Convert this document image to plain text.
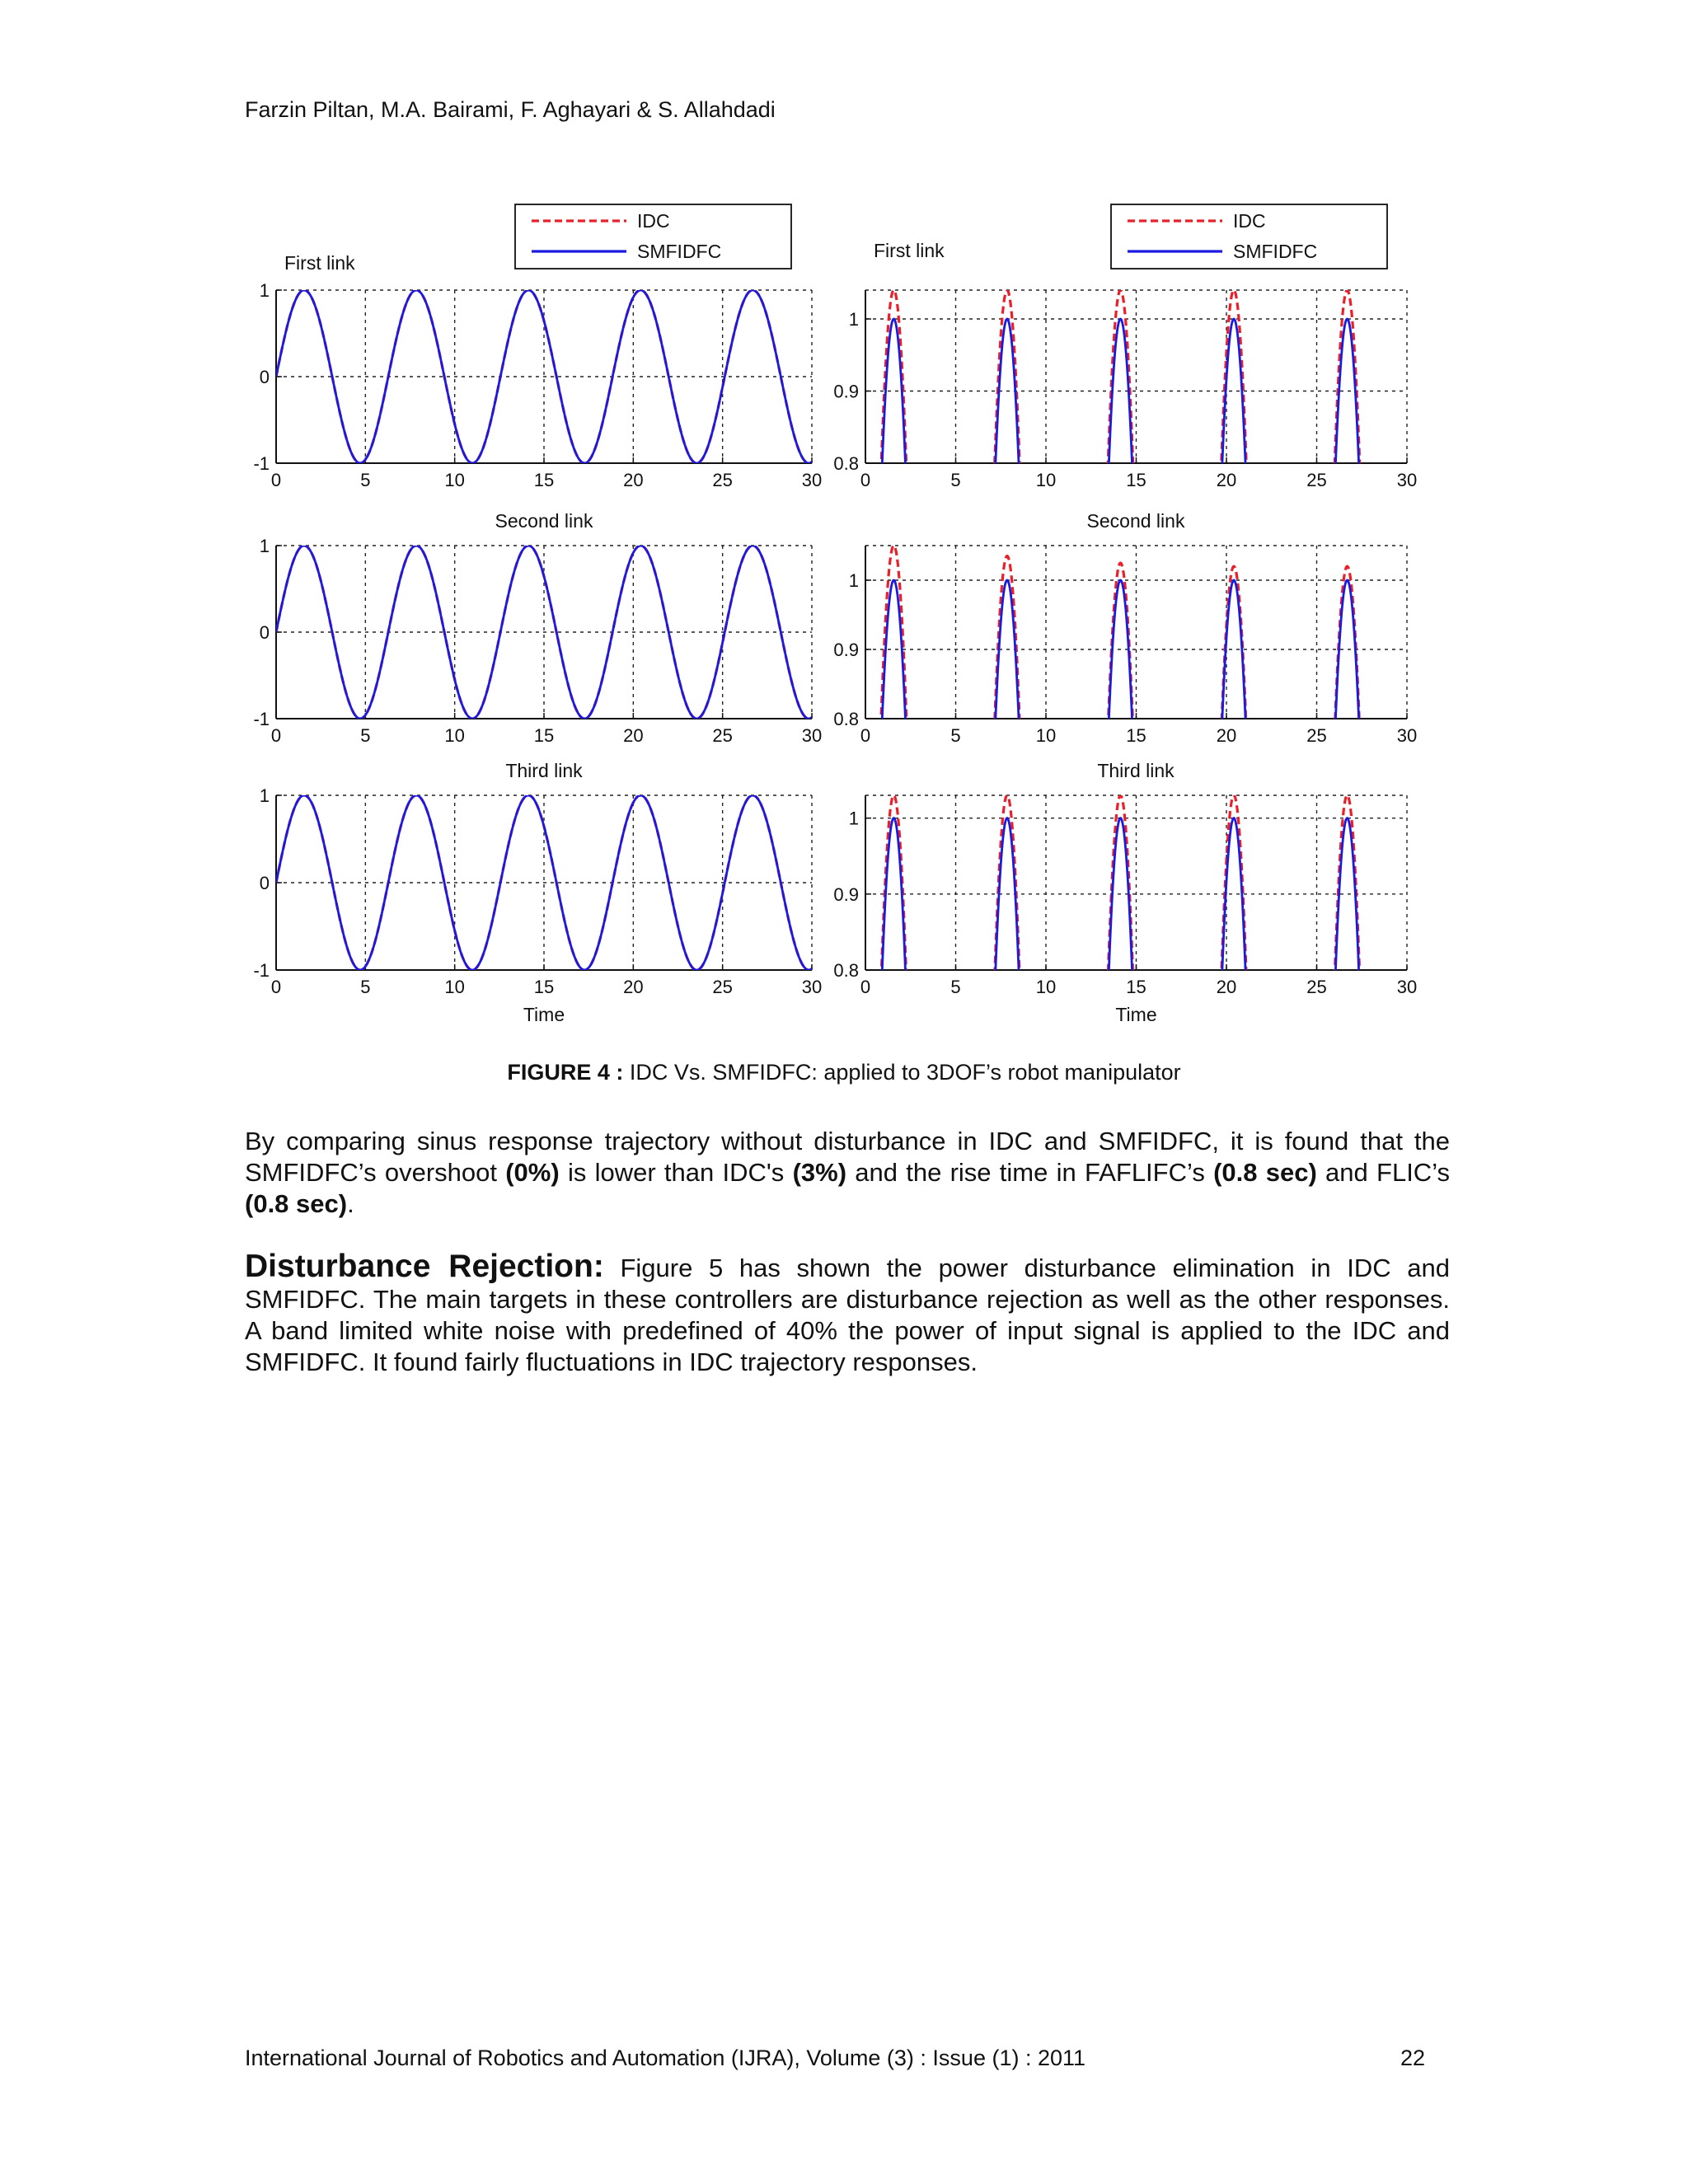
Farzin Piltan, M.A. Bairami, F. Aghayari & S. Allahdadi
0	5	10	15	20	25	30
-1
0
1
First link
0	5	10	15	20	25	30
0.8
0.9
1
First link
0	5	10	15	20	25	30
-1
0
1
Second link
0	5	10	15	20	25	30
0.8
0.9
1
Second link
0	5	10	15	20	25	30
-1
0
1
Third link
Time
0	5	10	15	20	25	30
0.8
0.9
1
Third link
Time
IDC
SMFIDFC
IDC
SMFIDFC
FIGURE 4 : IDC Vs. SMFIDFC: applied to 3DOF’s robot manipulator
By comparing sinus response trajectory without disturbance in IDC and SMFIDFC, it is found that the SMFIDFC’s overshoot (0%) is lower than IDC's (3%) and the rise time in FAFLIFC’s (0.8 sec) and FLIC’s (0.8 sec).
Disturbance Rejection: Figure 5 has shown the power disturbance elimination in IDC and SMFIDFC. The main targets in these controllers are disturbance rejection as well as the other responses. A band limited white noise with predefined of 40% the power of input signal is applied to the IDC and SMFIDFC. It found fairly fluctuations in IDC trajectory responses.
International Journal of Robotics and Automation (IJRA), Volume (3) : Issue (1) : 2011	22
